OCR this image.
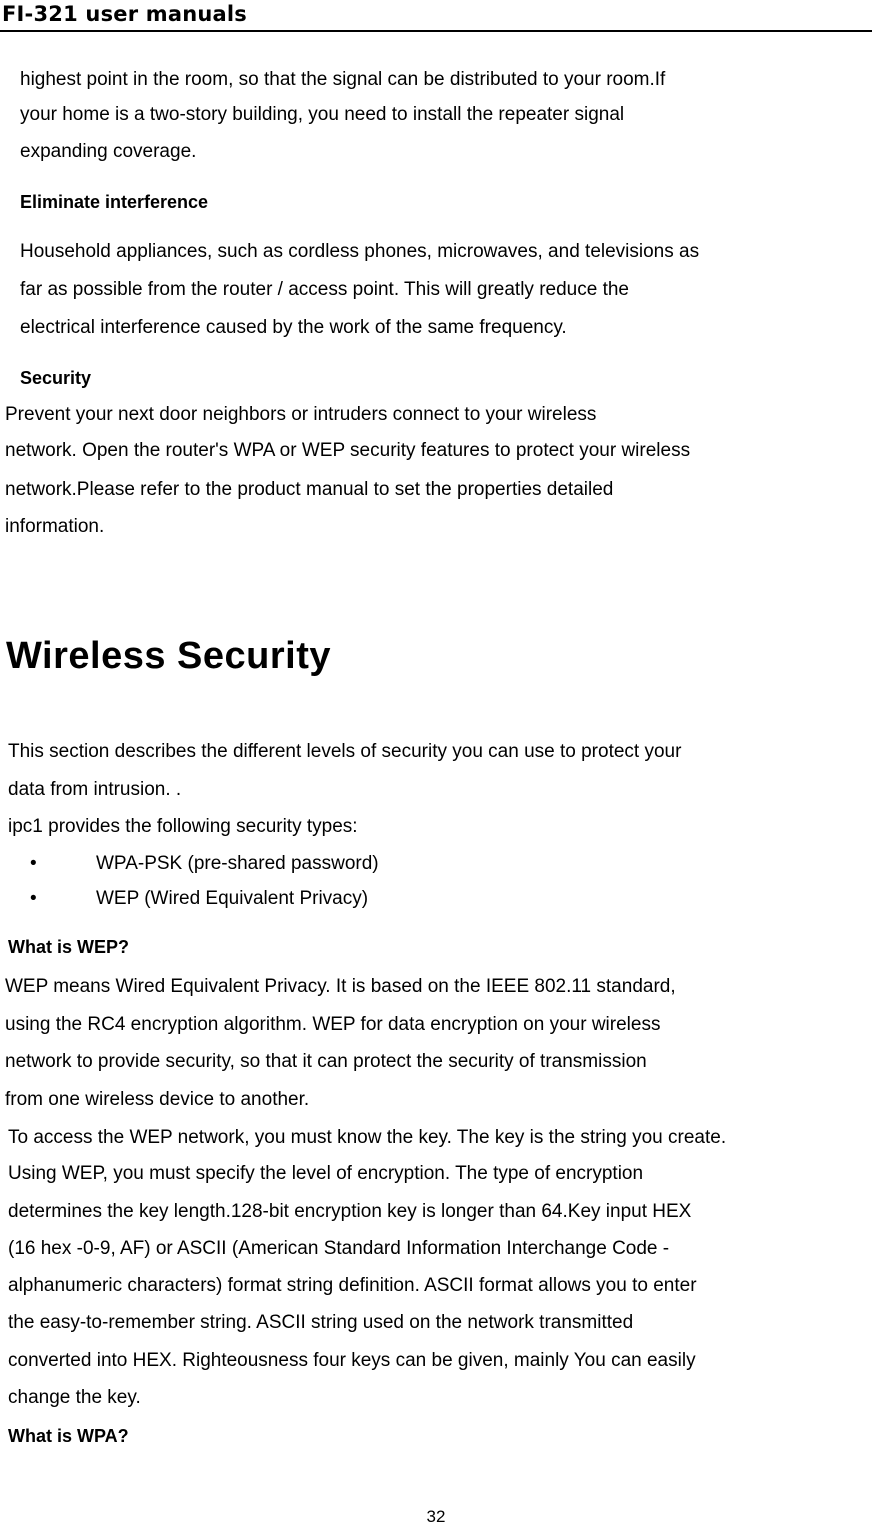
FI-321 user manuals
highest point in the room, so that the signal can be distributed to your room.If
your home is a two-story building, you need to install the repeater signal
expanding coverage.
Eliminate interference
Household appliances, such as cordless phones, microwaves, and televisions as
far as possible from the router / access point. This will greatly reduce the
electrical interference caused by the work of the same frequency.
Security
Prevent your next door neighbors or intruders connect to your wireless
network. Open the router's WPA or WEP security features to protect your wireless
network.Please refer to the product manual to set the properties detailed
information.
Wireless Security
This section describes the different levels of security you can use to protect your
data from intrusion. .
ipc1 provides the following security types:
•	WPA-PSK (pre-shared password)
•	WEP (Wired Equivalent Privacy)
What is WEP?
WEP means Wired Equivalent Privacy. It is based on the IEEE 802.11 standard,
using the RC4 encryption algorithm. WEP for data encryption on your wireless
network to provide security, so that it can protect the security of transmission
from one wireless device to another.
To access the WEP network, you must know the key. The key is the string you create.
Using WEP, you must specify the level of encryption. The type of encryption
determines the key length.128-bit encryption key is longer than 64.Key input HEX
(16 hex -0-9, AF) or ASCII (American Standard Information Interchange Code -
alphanumeric characters) format string definition. ASCII format allows you to enter
the easy-to-remember string. ASCII string used on the network transmitted
converted into HEX. Righteousness four keys can be given, mainly You can easily
change the key.
What is WPA?
32
